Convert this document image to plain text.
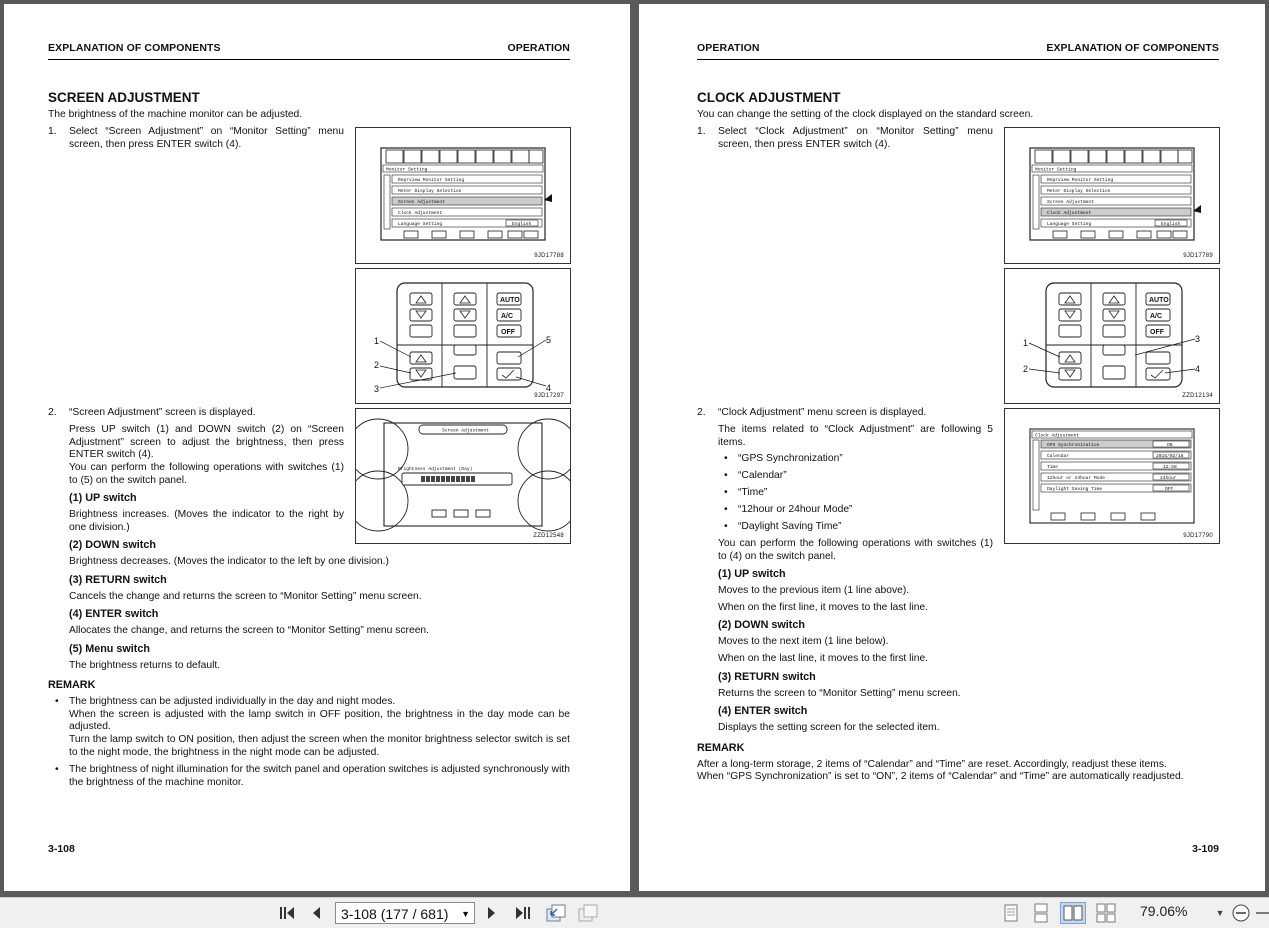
EXPLANATION OF COMPONENTS	OPERATION
SCREEN ADJUSTMENT
The brightness of the machine monitor can be adjusted.
1. Select “Screen Adjustment” on “Monitor Setting” menu screen, then press ENTER switch (4).
Monitor Setting
Reprview Monitor Setting
Meter Display Selection
Screen Adjustment
Clock Adjustment
Language Setting	English
9JD17788
AUTO
A/C
OFF
1
2
3	4
5
9JD17297
2. “Screen Adjustment” screen is displayed.
Press UP switch (1) and DOWN switch (2) on “Screen Adjustment” screen to adjust the brightness, then press ENTER switch (4).
You can perform the following operations with switches (1) to (5) on the switch panel.
Screen Adjustment
Brightness Adjustment (Day)
ZZD12548
(1) UP switch
Brightness increases. (Moves the indicator to the right by one division.)
(2) DOWN switch
Brightness decreases. (Moves the indicator to the left by one division.)
(3) RETURN switch
Cancels the change and returns the screen to “Monitor Setting” menu screen.
(4) ENTER switch
Allocates the change, and returns the screen to “Monitor Setting” menu screen.
(5) Menu switch
The brightness returns to default.
REMARK
• The brightness can be adjusted individually in the day and night modes.
When the screen is adjusted with the lamp switch in OFF position, the brightness in the day mode can be adjusted.
Turn the lamp switch to ON position, then adjust the screen when the monitor brightness selector switch is set to the night mode, the brightness in the night mode can be adjusted.
• The brightness of night illumination for the switch panel and operation switches is adjusted synchronously with the brightness of the machine monitor.
3-108
OPERATION	EXPLANATION OF COMPONENTS
CLOCK ADJUSTMENT
You can change the setting of the clock displayed on the standard screen.
1. Select “Clock Adjustment” on “Monitor Setting” menu screen, then press ENTER switch (4).
Monitor Setting
Reprview Monitor Setting
Meter Display Selection
Screen Adjustment
Clock Adjustment
Language Setting	English
9JD17789
AUTO
A/C
OFF
1
2
3
4
ZZD12134
2. “Clock Adjustment” menu screen is displayed.
The items related to “Clock Adjustment” are following 5 items.
• “GPS Synchronization”
• “Calendar”
• “Time”
• “12hour or 24hour Mode”
• “Daylight Saving Time”
You can perform the following operations with switches (1) to (4) on the switch panel.
Clock Adjustment
GPS Synchronization	ON
Calendar	2015/02/18
Time	12:58
12hour or 24hour Mode	24hour
Daylight Saving Time	OFF
9JD17790
(1) UP switch
Moves to the previous item (1 line above).
When on the first line, it moves to the last line.
(2) DOWN switch
Moves to the next item (1 line below).
When on the last line, it moves to the first line.
(3) RETURN switch
Returns the screen to “Monitor Setting” menu screen.
(4) ENTER switch
Displays the setting screen for the selected item.
REMARK
After a long-term storage, 2 items of “Calendar” and “Time” are reset. Accordingly, readjust these items.
When “GPS Synchronization” is set to “ON”, 2 items of “Calendar” and “Time” are automatically readjusted.
3-109
3-108 (177 / 681) ▼	79.06%	▼
